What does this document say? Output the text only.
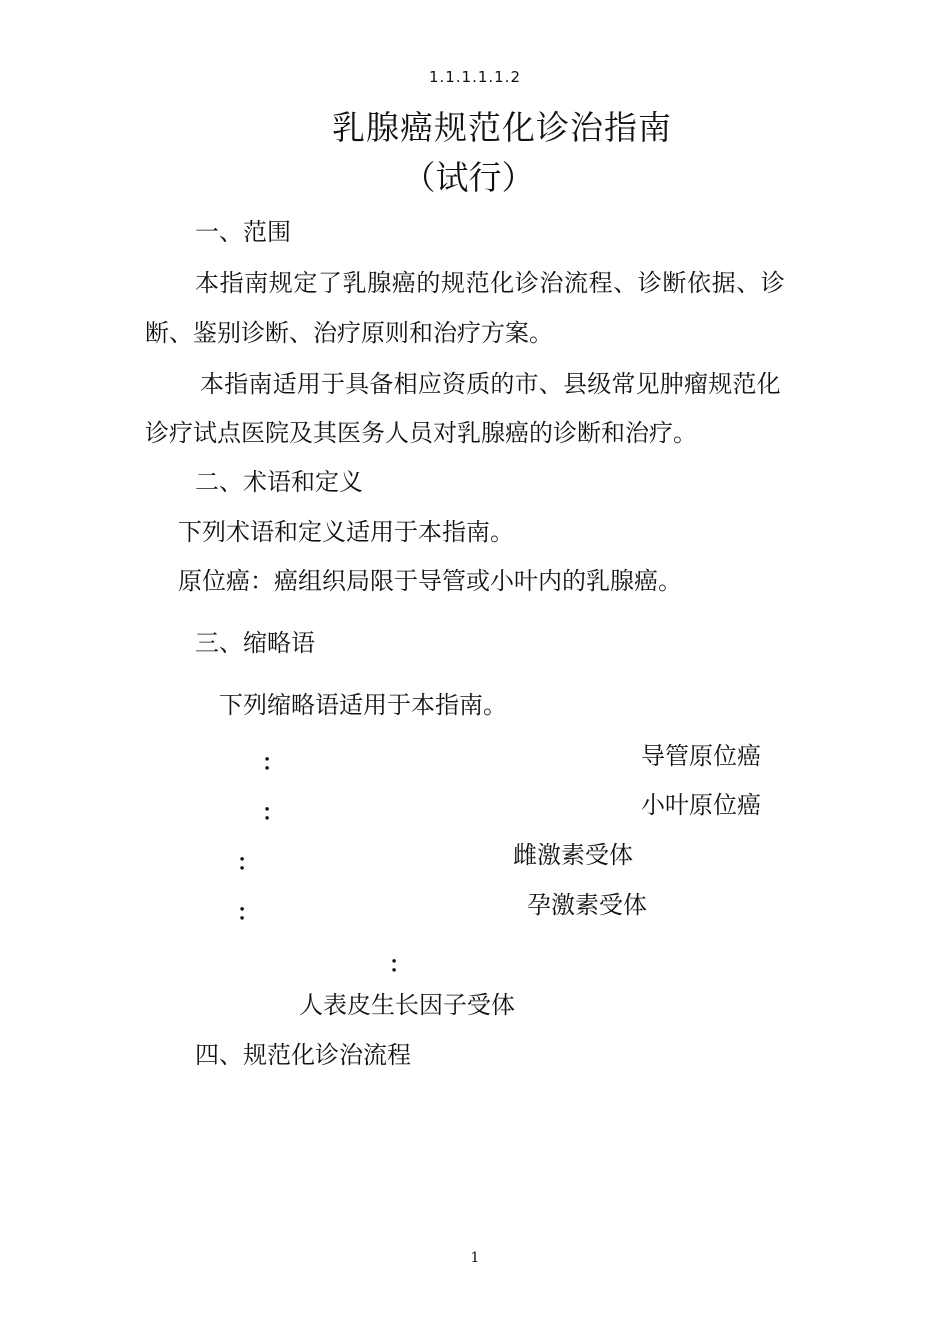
1.1.1.1.1.2
乳腺癌规范化诊治指南
（试行）
一、范围
本指南规定了乳腺癌的规范化诊治流程、诊断依据、诊
断、鉴别诊断、治疗原则和治疗方案。
本指南适用于具备相应资质的市、县级常见肿瘤规范化
诊疗试点医院及其医务人员对乳腺癌的诊断和治疗。
二、术语和定义
下列术语和定义适用于本指南。
原位癌：癌组织局限于导管或小叶内的乳腺癌。
三、缩略语
下列缩略语适用于本指南。
：	导管原位癌
：	小叶原位癌
：	雌激素受体
：	孕激素受体
：
人表皮生长因子受体
四、规范化诊治流程
1
